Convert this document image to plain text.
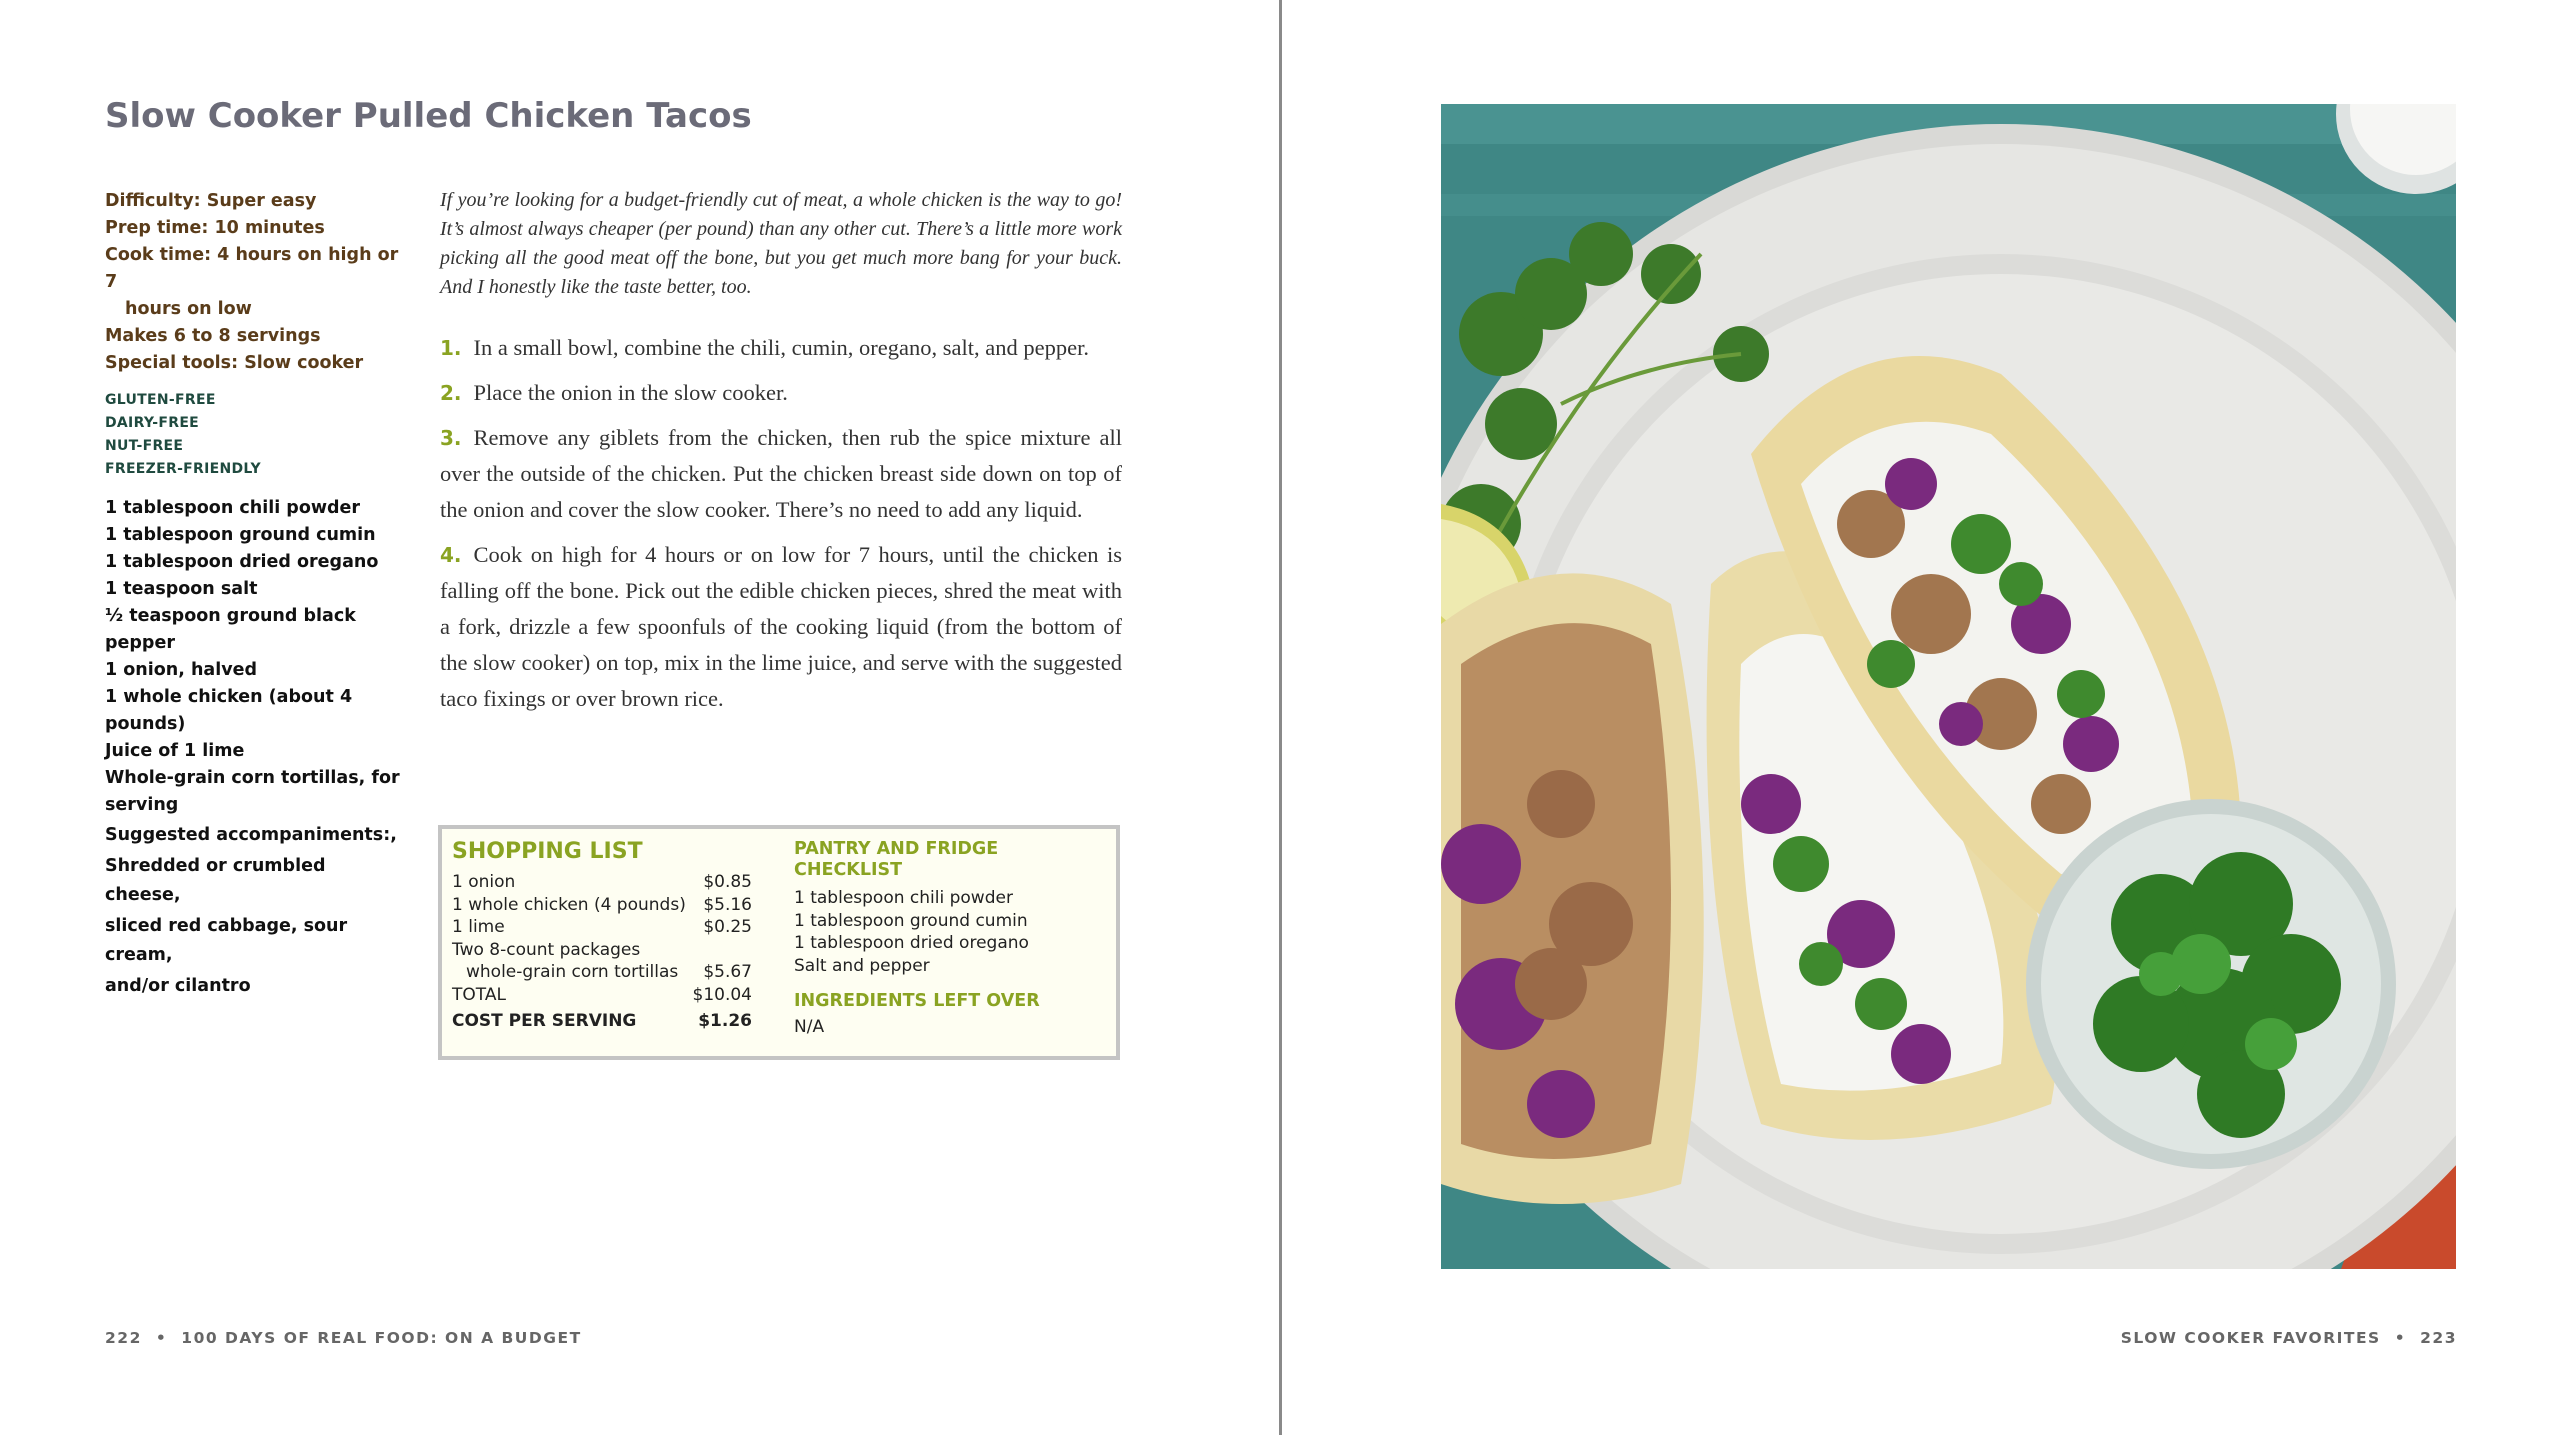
Slow Cooker Pulled Chicken Tacos
Difficulty: Super easy
Prep time: 10 minutes
Cook time: 4 hours on high or 7
hours on low
Makes 6 to 8 servings
Special tools: Slow cooker
GLUTEN-FREE
DAIRY-FREE
NUT-FREE
FREEZER-FRIENDLY
1 tablespoon chili powder
1 tablespoon ground cumin
1 tablespoon dried oregano
1 teaspoon salt
½ teaspoon ground black
pepper
1 onion, halved
1 whole chicken (about 4
pounds)
Juice of 1 lime
Whole-grain corn tortillas, for
serving
Suggested accompaniments:,
Shredded or crumbled cheese,
sliced red cabbage, sour cream,
and/or cilantro

If you’re looking for a budget-friendly cut of meat, a whole chicken is the way to go! It’s almost always cheaper (per pound) than any other cut. There’s a little more work picking all the good meat off the bone, but you get much more bang for your buck. And I honestly like the taste better, too.

1. In a small bowl, combine the chili, cumin, oregano, salt, and pepper.

2. Place the onion in the slow cooker.

3. Remove any giblets from the chicken, then rub the spice mixture all over the outside of the chicken. Put the chicken breast side down on top of the onion and cover the slow cooker. There’s no need to add any liquid.

4. Cook on high for 4 hours or on low for 7 hours, until the chicken is falling off the bone. Pick out the edible chicken pieces, shred the meat with a fork, drizzle a few spoonfuls of the cooking liquid (from the bottom of the slow cooker) on top, mix in the lime juice, and serve with the suggested taco fixings or over brown rice.

SHOPPING LIST
1 onion	$0.85
1 whole chicken (4 pounds) $5.16
1 lime	$0.25
Two 8-count packages
whole-grain corn tortillas $5.67
TOTAL	$10.04
COST PER SERVING	$1.26
PANTRY AND FRIDGE
CHECKLIST
1 tablespoon chili powder
1 tablespoon ground cumin
1 tablespoon dried oregano
Salt and pepper
INGREDIENTS LEFT OVER
N/A
222 • 100 DAYS OF REAL FOOD: ON A BUDGET	SLOW COOKER FAVORITES • 223
